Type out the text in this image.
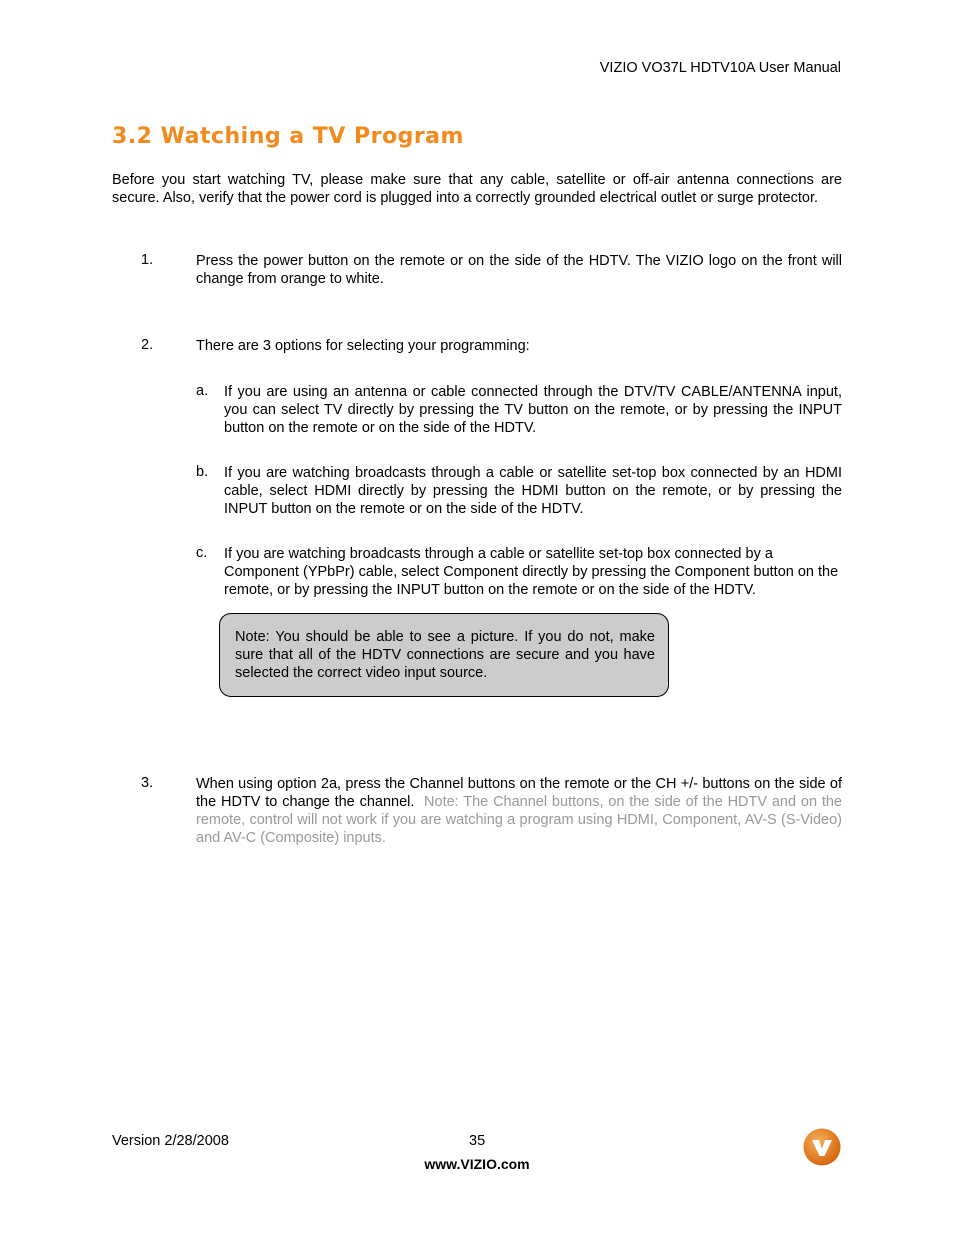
VIZIO VO37L HDTV10A User Manual
3.2 Watching a TV Program
Before you start watching TV, please make sure that any cable, satellite or off-air antenna connections are secure. Also, verify that the power cord is plugged into a correctly grounded electrical outlet or surge protector.
1.	Press the power button on the remote or on the side of the HDTV. The VIZIO logo on the front will change from orange to white.
2.	There are 3 options for selecting your programming:
a. If you are using an antenna or cable connected through the DTV/TV CABLE/ANTENNA input, you can select TV directly by pressing the TV button on the remote, or by pressing the INPUT button on the remote or on the side of the HDTV.
b. If you are watching broadcasts through a cable or satellite set-top box connected by an HDMI cable, select HDMI directly by pressing the HDMI button on the remote, or by pressing the INPUT button on the remote or on the side of the HDTV.
c. If you are watching broadcasts through a cable or satellite set-top box connected by a Component (YPbPr) cable, select Component directly by pressing the Component button on the remote, or by pressing the INPUT button on the remote or on the side of the HDTV.
Note: You should be able to see a picture. If you do not, make sure that all of the HDTV connections are secure and you have selected the correct video input source.
3.	When using option 2a, press the Channel buttons on the remote or the CH +/- buttons on the side of the HDTV to change the channel. Note: The Channel buttons, on the side of the HDTV and on the remote, control will not work if you are watching a program using HDMI, Component, AV-S (S-Video) and AV-C (Composite) inputs.
Version 2/28/2008	35
www.VIZIO.com
